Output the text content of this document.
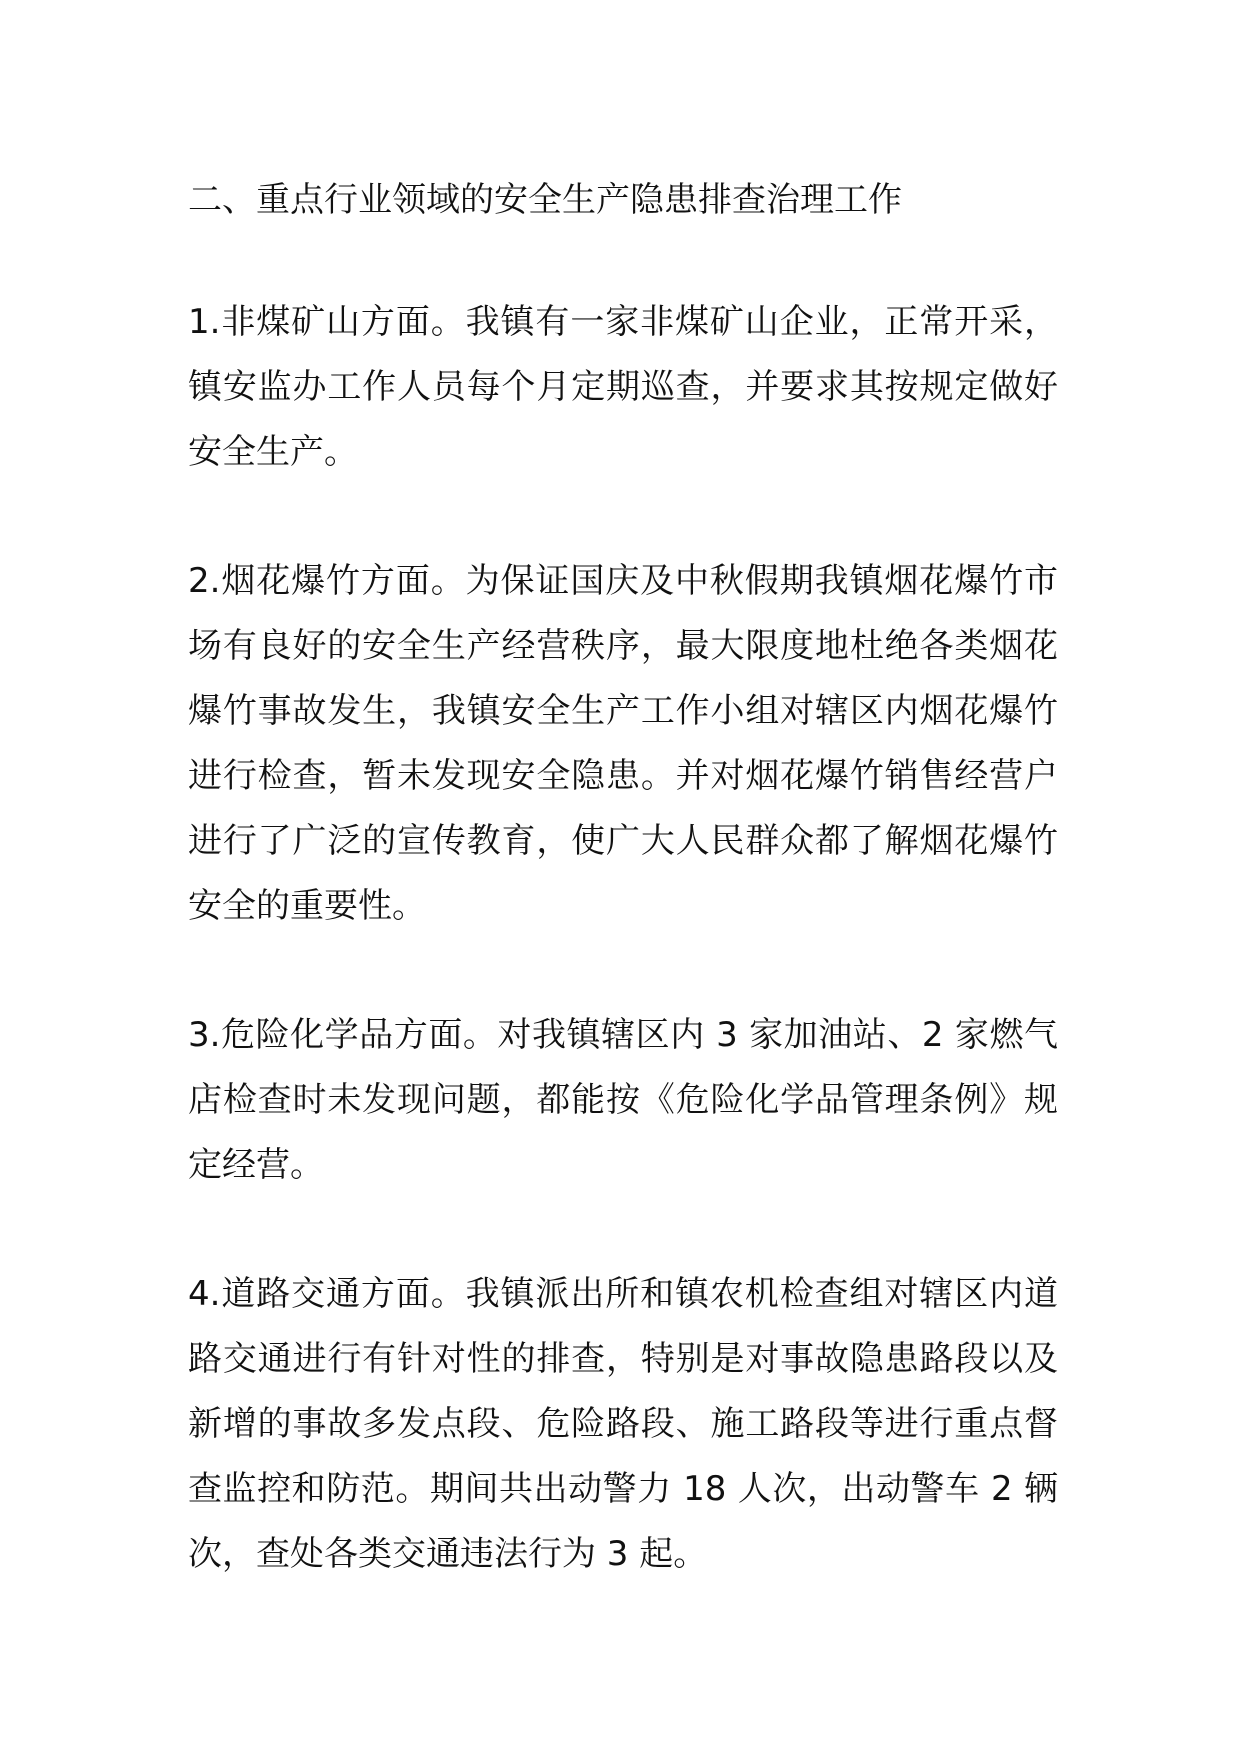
二、重点行业领域的安全生产隐患排查治理工作

1.非煤矿山方面。我镇有一家非煤矿山企业，正常开采，镇安监办工作人员每个月定期巡查，并要求其按规定做好安全生产。

2.烟花爆竹方面。为保证国庆及中秋假期我镇烟花爆竹市场有良好的安全生产经营秩序，最大限度地杜绝各类烟花爆竹事故发生，我镇安全生产工作小组对辖区内烟花爆竹进行检查，暂未发现安全隐患。并对烟花爆竹销售经营户进行了广泛的宣传教育，使广大人民群众都了解烟花爆竹安全的重要性。

3.危险化学品方面。对我镇辖区内 3 家加油站、2 家燃气店检查时未发现问题，都能按《危险化学品管理条例》规定经营。

4.道路交通方面。我镇派出所和镇农机检查组对辖区内道路交通进行有针对性的排查，特别是对事故隐患路段以及新增的事故多发点段、危险路段、施工路段等进行重点督查监控和防范。期间共出动警力 18 人次，出动警车 2 辆次，查处各类交通违法行为 3 起。
